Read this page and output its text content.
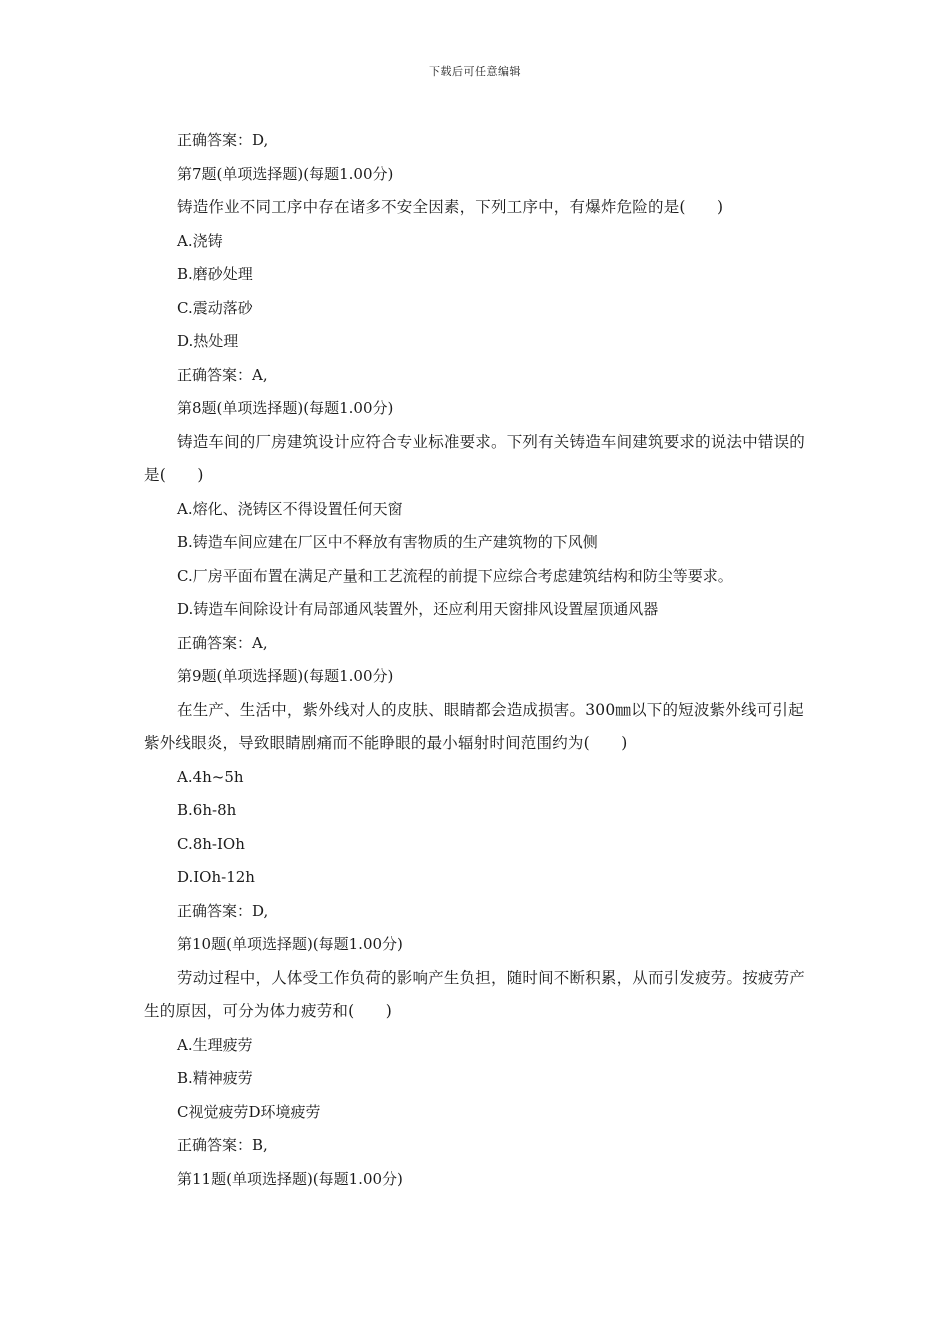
下载后可任意编辑
正确答案：D,
第7题(单项选择题)(每题1.00分)
铸造作业不同工序中存在诸多不安全因素，下列工序中，有爆炸危险的是(　　)
A.浇铸
B.磨砂处理
C.震动落砂
D.热处理
正确答案：A,
第8题(单项选择题)(每题1.00分)
铸造车间的厂房建筑设计应符合专业标准要求。下列有关铸造车间建筑要求的说法中错误的是(　　)
A.熔化、浇铸区不得设置任何天窗
B.铸造车间应建在厂区中不释放有害物质的生产建筑物的下风侧
C.厂房平面布置在满足产量和工艺流程的前提下应综合考虑建筑结构和防尘等要求。
D.铸造车间除设计有局部通风装置外，还应利用天窗排风设置屋顶通风器
正确答案：A,
第9题(单项选择题)(每题1.00分)
在生产、生活中，紫外线对人的皮肤、眼睛都会造成损害。300㎜以下的短波紫外线可引起紫外线眼炎，导致眼睛剧痛而不能睁眼的最小辐射时间范围约为(　　)
A.4h~5h
B.6h-8h
C.8h-IOh
D.IOh-12h
正确答案：D,
第10题(单项选择题)(每题1.00分)
劳动过程中，人体受工作负荷的影响产生负担，随时间不断积累，从而引发疲劳。按疲劳产生的原因，可分为体力疲劳和(　　)
A.生理疲劳
B.精神疲劳
C视觉疲劳D环境疲劳
正确答案：B,
第11题(单项选择题)(每题1.00分)
